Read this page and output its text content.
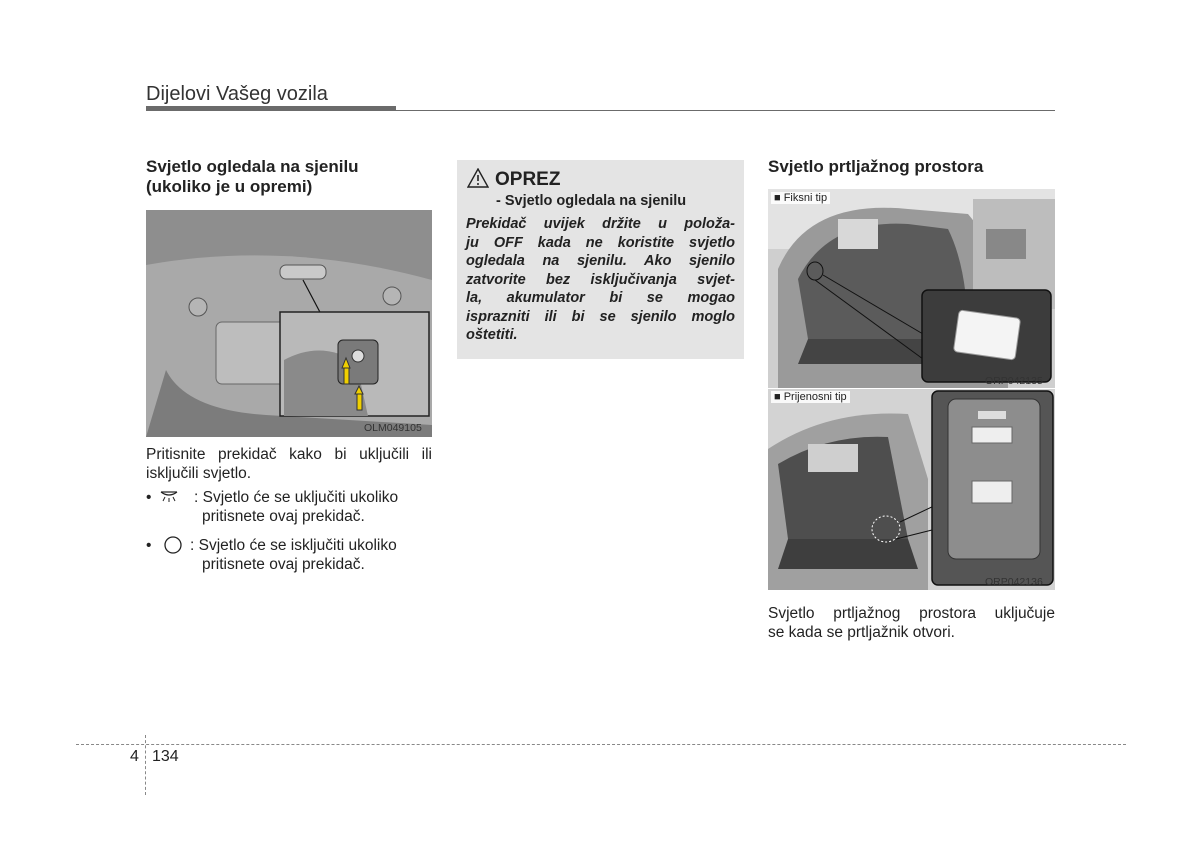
Dijelovi Vašeg vozila
Svjetlo ogledala na sjenilu
(ukoliko je u opremi)
OLM049105
Pritisnite prekidač kako bi uključili ili
isključili svjetlo.
•	: Svjetlo će se uključiti ukoliko
pritisnete ovaj prekidač.
•	: Svjetlo će se isključiti ukoliko
pritisnete ovaj prekidač.
OPREZ
- Svjetlo ogledala na sjenilu
Prekidač uvijek držite u položa-
ju OFF kada ne koristite svjetlo
ogledala na sjenilu. Ako sjenilo
zatvorite bez isključivanja svjet-
la, akumulator bi se mogao
isprazniti ili bi se sjenilo moglo
oštetiti.
Svjetlo prtljažnog prostora
■ Fiksni tip
ORP042135
■ Prijenosni tip
ORP042136
Svjetlo prtljažnog prostora uključuje
se kada se prtljažnik otvori.
4 134
